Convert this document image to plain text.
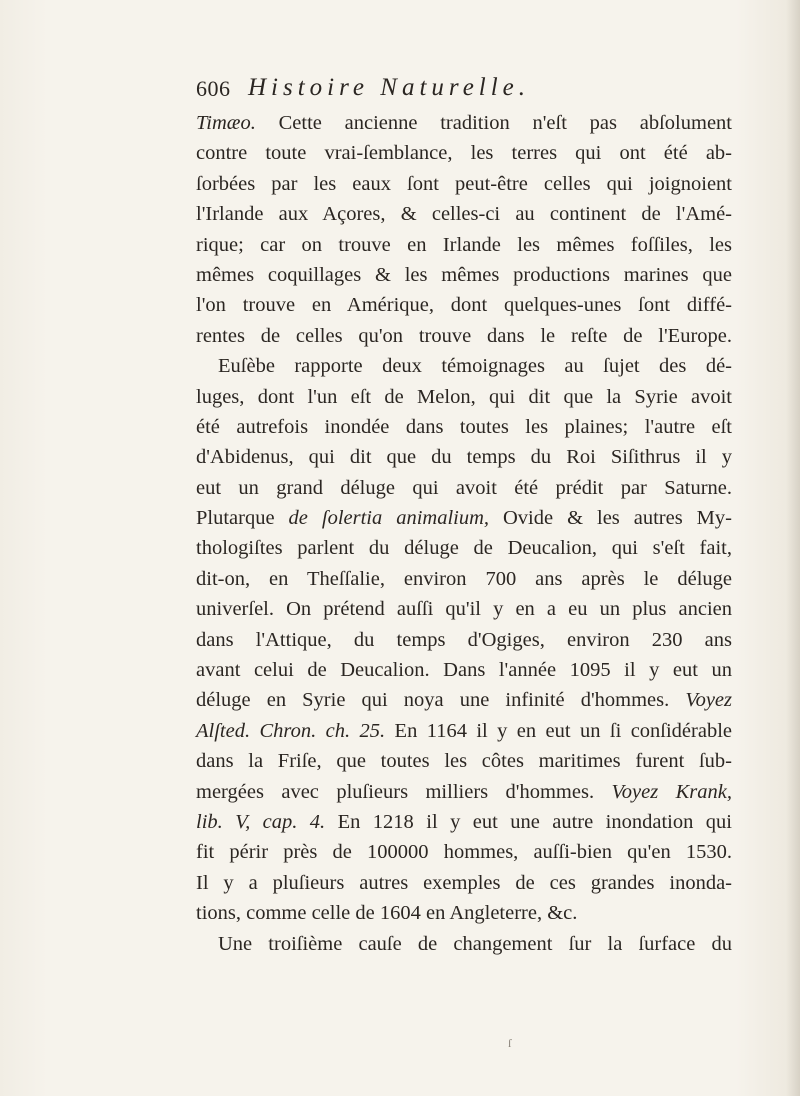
606 Histoire Naturelle.
Timæo. Cette ancienne tradition n'eſt pas abſolument
contre toute vrai-ſemblance, les terres qui ont été ab-
ſorbées par les eaux ſont peut-être celles qui joignoient
l'Irlande aux Açores, & celles-ci au continent de l'Amé-
rique; car on trouve en Irlande les mêmes foſſiles, les
mêmes coquillages & les mêmes productions marines que
l'on trouve en Amérique, dont quelques-unes ſont diffé-
rentes de celles qu'on trouve dans le reſte de l'Europe.
Euſèbe rapporte deux témoignages au ſujet des dé-
luges, dont l'un eſt de Melon, qui dit que la Syrie avoit
été autrefois inondée dans toutes les plaines; l'autre eſt
d'Abidenus, qui dit que du temps du Roi Siſithrus il y
eut un grand déluge qui avoit été prédit par Saturne.
Plutarque de ſolertia animalium, Ovide & les autres My-
thologiſtes parlent du déluge de Deucalion, qui s'eſt fait,
dit-on, en Theſſalie, environ 700 ans après le déluge
univerſel. On prétend auſſi qu'il y en a eu un plus ancien
dans l'Attique, du temps d'Ogiges, environ 230 ans
avant celui de Deucalion. Dans l'année 1095 il y eut un
déluge en Syrie qui noya une infinité d'hommes. Voyez
Alſted. Chron. ch. 25. En 1164 il y en eut un ſi conſidérable
dans la Friſe, que toutes les côtes maritimes furent ſub-
mergées avec pluſieurs milliers d'hommes. Voyez Krank,
lib. V, cap. 4. En 1218 il y eut une autre inondation qui
fit périr près de 100000 hommes, auſſi-bien qu'en 1530.
Il y a pluſieurs autres exemples de ces grandes inonda-
tions, comme celle de 1604 en Angleterre, &c.
Une troiſième cauſe de changement ſur la ſurface du
ſ
